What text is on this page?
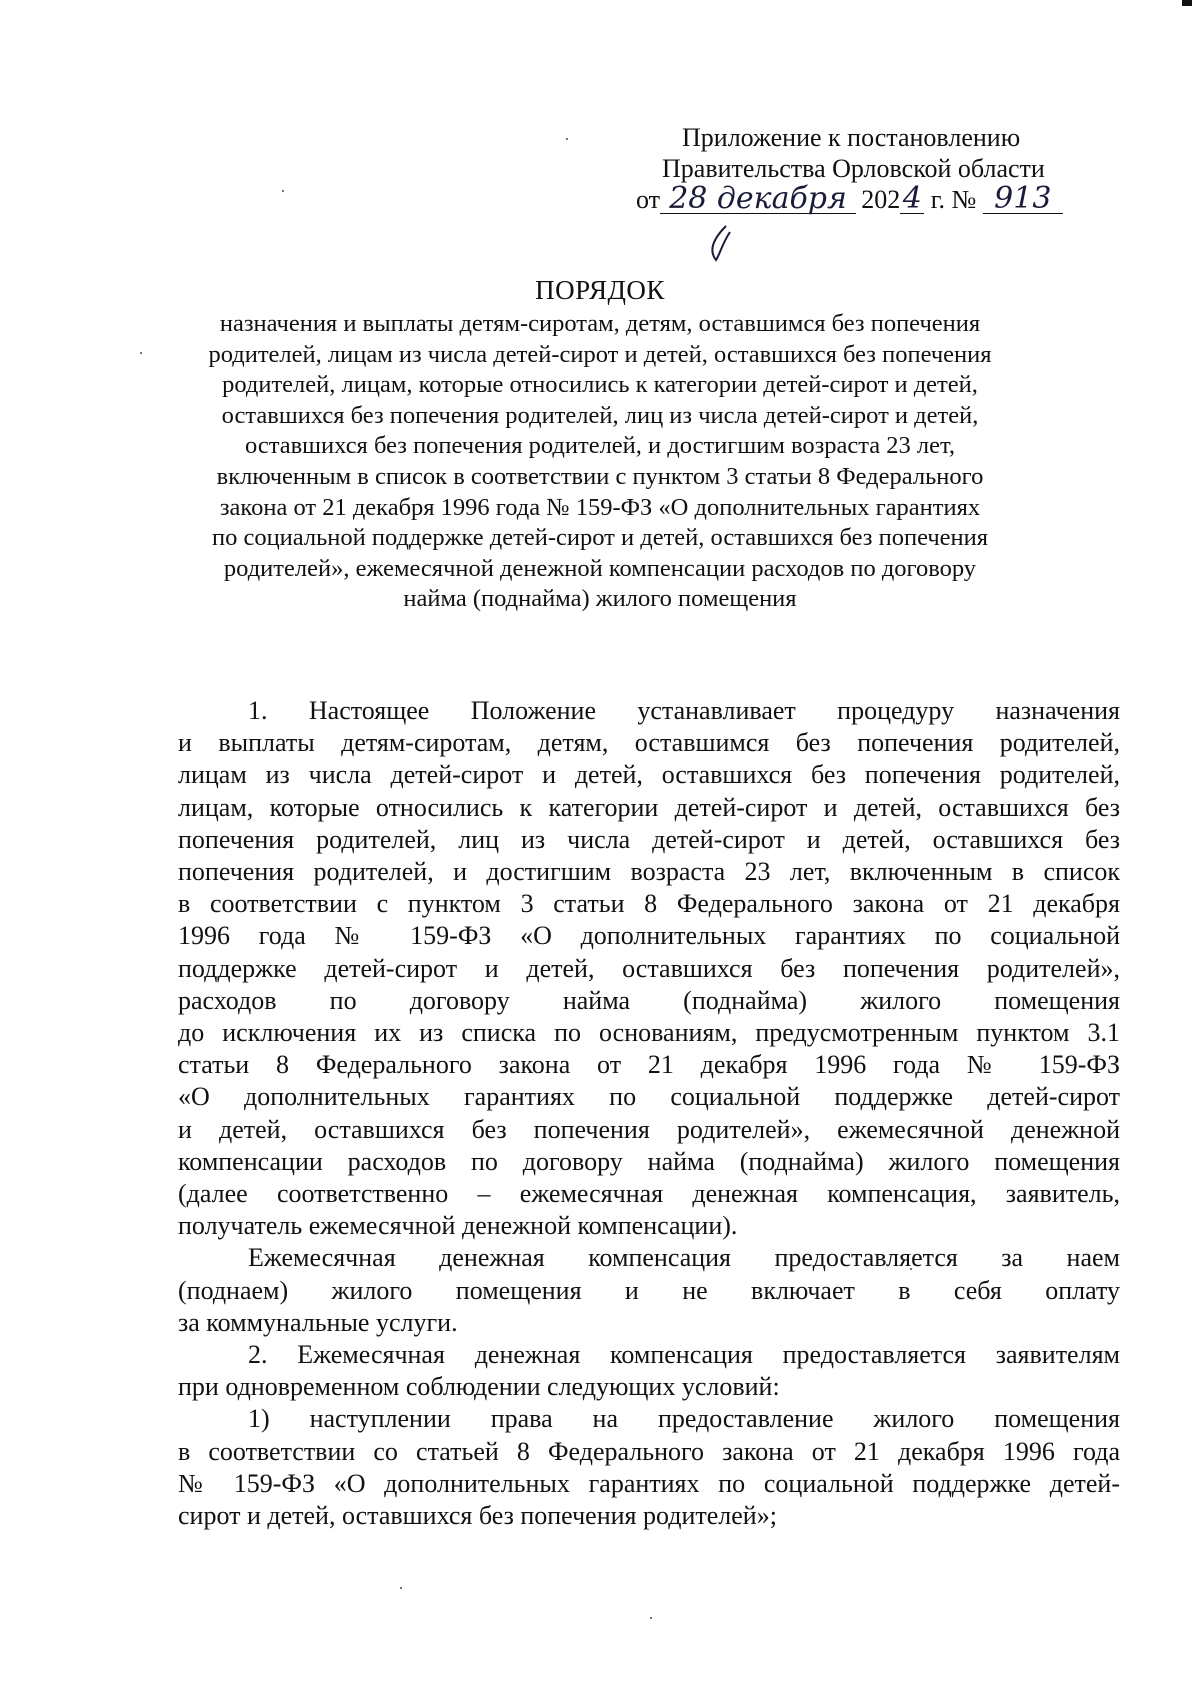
Приложение к постановлению
Правительства Орловской области
от 28 декабря  2024 г. № 913
ПОРЯДОК
назначения и выплаты детям-сиротам, детям, оставшимся без попечения
родителей, лицам из числа детей-сирот и детей, оставшихся без попечения
родителей, лицам, которые относились к категории детей-сирот и детей,
оставшихся без попечения родителей, лиц из числа детей-сирот и детей,
оставшихся без попечения родителей, и достигшим возраста 23 лет,
включенным в список в соответствии с пунктом 3 статьи 8 Федерального
закона от 21 декабря 1996 года № 159-ФЗ «О дополнительных гарантиях
по социальной поддержке детей-сирот и детей, оставшихся без попечения
родителей», ежемесячной денежной компенсации расходов по договору
найма (поднайма) жилого помещения
1. Настоящее Положение устанавливает процедуру назначения
и выплаты детям-сиротам, детям, оставшимся без попечения родителей,
лицам из числа детей-сирот и детей, оставшихся без попечения родителей,
лицам, которые относились к категории детей-сирот и детей, оставшихся без
попечения родителей, лиц из числа детей-сирот и детей, оставшихся без
попечения родителей, и достигшим возраста 23 лет, включенным в список
в соответствии с пунктом 3 статьи 8 Федерального закона от 21 декабря
1996 года № 159-ФЗ «О дополнительных гарантиях по социальной
поддержке детей-сирот и детей, оставшихся без попечения родителей»,
расходов по договору найма (поднайма) жилого помещения
до исключения их из списка по основаниям, предусмотренным пунктом 3.1
статьи 8 Федерального закона от 21 декабря 1996 года № 159-ФЗ
«О дополнительных гарантиях по социальной поддержке детей-сирот
и детей, оставшихся без попечения родителей», ежемесячной денежной
компенсации расходов по договору найма (поднайма) жилого помещения
(далее соответственно – ежемесячная денежная компенсация, заявитель,
получатель ежемесячной денежной компенсации).
Ежемесячная денежная компенсация предоставляется за наем
(поднаем) жилого помещения и не включает в себя оплату
за коммунальные услуги.
2. Ежемесячная денежная компенсация предоставляется заявителям
при одновременном соблюдении следующих условий:
1) наступлении права на предоставление жилого помещения
в соответствии со статьей 8 Федерального закона от 21 декабря 1996 года
№ 159-ФЗ «О дополнительных гарантиях по социальной поддержке детей-
сирот и детей, оставшихся без попечения родителей»;
